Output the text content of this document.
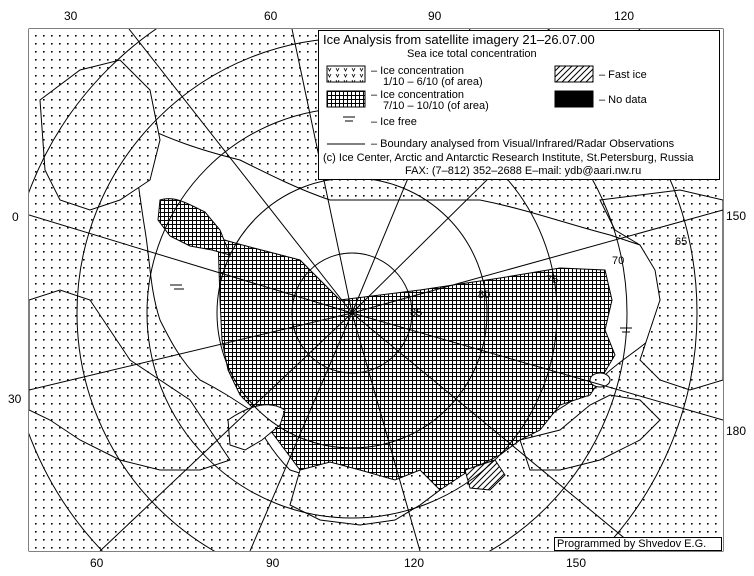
65
70
75
80
85
30	60	90	120
60	90	120	150
0
30
150
180
Ice Analysis from satellite imagery 21–26.07.00
Sea ice total concentration
– Ice concentration
1/10 – 6/10 (of area)
– Ice concentration
7/10 – 10/10 (of area)
– Ice free
– Fast ice
– No data
– Boundary analysed from Visual/Infrared/Radar Observations
(c) Ice Center, Arctic and Antarctic Research Institute, St.Petersburg, Russia
FAX: (7–812) 352–2688 E–mail: ydb@aari.nw.ru
Programmed by Shvedov E.G.
